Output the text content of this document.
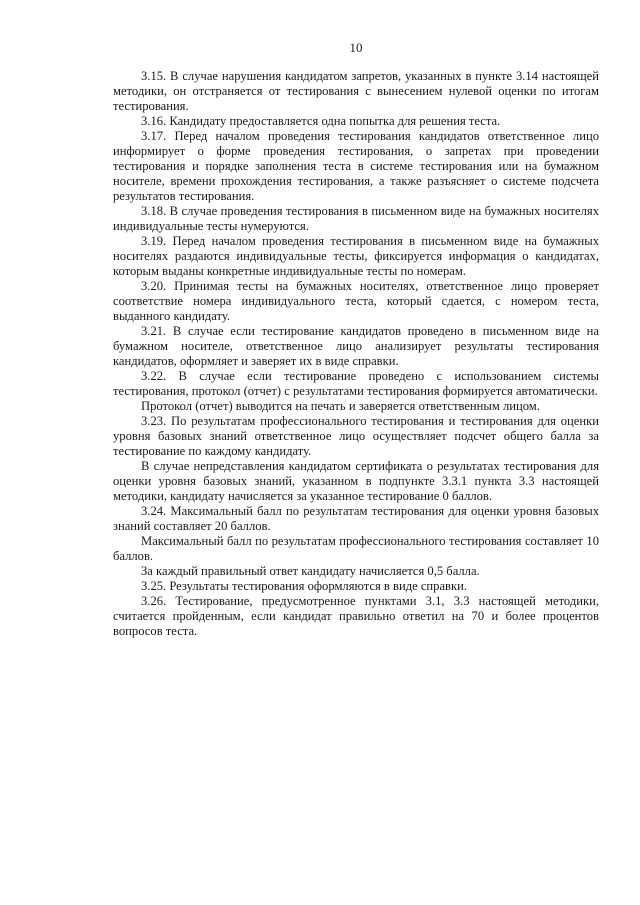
10

3.15. В случае нарушения кандидатом запретов, указанных в пункте 3.14 настоящей методики, он отстраняется от тестирования с вынесением нулевой оценки по итогам тестирования.

3.16. Кандидату предоставляется одна попытка для решения теста.

3.17. Перед началом проведения тестирования кандидатов ответственное лицо информирует о форме проведения тестирования, о запретах при проведении тестирования и порядке заполнения теста в системе тестирования или на бумажном носителе, времени прохождения тестирования, а также разъясняет о системе подсчета результатов тестирования.

3.18. В случае проведения тестирования в письменном виде на бумажных носителях индивидуальные тесты нумеруются.

3.19. Перед началом проведения тестирования в письменном виде на бумажных носителях раздаются индивидуальные тесты, фиксируется информация о кандидатах, которым выданы конкретные индивидуальные тесты по номерам.

3.20. Принимая тесты на бумажных носителях, ответственное лицо проверяет соответствие номера индивидуального теста, который сдается, с номером теста, выданного кандидату.

3.21. В случае если тестирование кандидатов проведено в письменном виде на бумажном носителе, ответственное лицо анализирует результаты тестирования кандидатов, оформляет и заверяет их в виде справки.

3.22. В случае если тестирование проведено с использованием системы тестирования, протокол (отчет) с результатами тестирования формируется автоматически.

Протокол (отчет) выводится на печать и заверяется ответственным лицом.

3.23. По результатам профессионального тестирования и тестирования для оценки уровня базовых знаний ответственное лицо осуществляет подсчет общего балла за тестирование по каждому кандидату.

В случае непредставления кандидатом сертификата о результатах тестирования для оценки уровня базовых знаний, указанном в подпункте 3.3.1 пункта 3.3 настоящей методики, кандидату начисляется за указанное тестирование 0 баллов.

3.24. Максимальный балл по результатам тестирования для оценки уровня базовых знаний составляет 20 баллов.

Максимальный балл по результатам профессионального тестирования составляет 10 баллов.

За каждый правильный ответ кандидату начисляется 0,5 балла.

3.25. Результаты тестирования оформляются в виде справки.

3.26. Тестирование, предусмотренное пунктами 3.1, 3.3 настоящей методики, считается пройденным, если кандидат правильно ответил на 70 и более процентов вопросов теста.
